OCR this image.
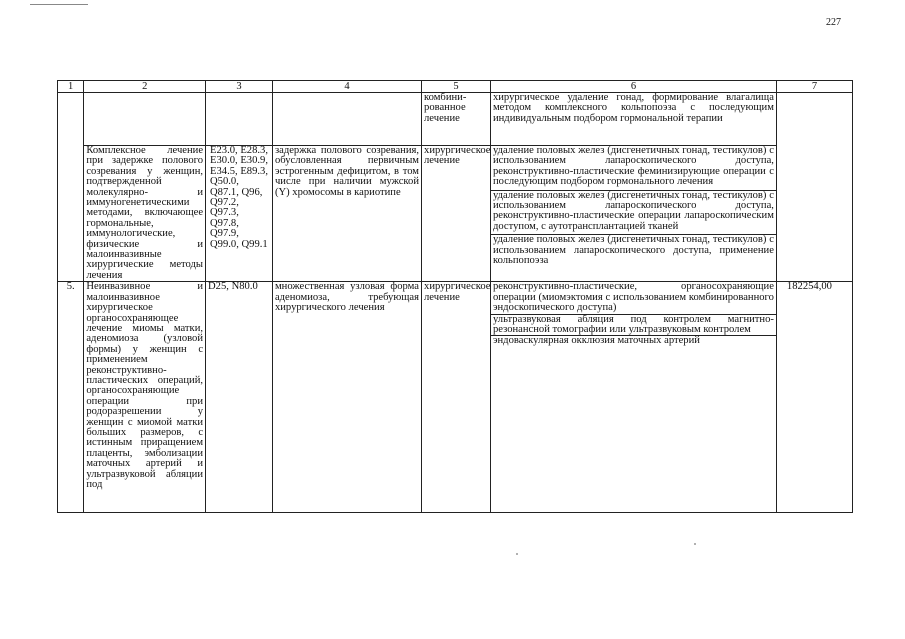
227
1	2	3	4	5	6	7
				комбини-рованное лечение	хирургическое удаление гонад, формирование влагалища методом комплексного кольпопоэза с последующим индивидуальным подбором гормональной терапии	
	Комплексное лечение при задержке полового созревания у женщин, подтвержденной молекулярно- и иммуногенетическими методами, включающее гормональные, иммунологические, физические и малоинвазивные хирургические методы лечения	E23.0, E28.3, E30.0, E30.9, E34.5, E89.3, Q50.0, Q87.1, Q96, Q97.2, Q97.3, Q97.8, Q97.9, Q99.0, Q99.1	задержка полового созревания, обусловленная первичным эстрогенным дефицитом, в том числе при наличии мужской (Y) хромосомы в кариотипе	хирургическое лечение	удаление половых желез (дисгенетичных гонад, тестикулов) с использованием лапароскопического доступа, реконструктивно-пластические феминизирующие операции с последующим подбором гормонального лечения	
					удаление половых желез (дисгенетичных гонад, тестикулов) с использованием лапароскопического доступа, реконструктивно-пластические операции лапароскопическим доступом, с аутотрансплантацией тканей	
					удаление половых желез (дисгенетичных гонад, тестикулов) с использованием лапароскопического доступа, применение кольпопоэза	
5.	Неинвазивное и малоинвазивное хирургическое органосохраняющее лечение миомы матки, аденомиоза (узловой формы) у женщин с применением реконструктивно-пластических операций, органосохраняющие операции при родоразрешении у женщин с миомой матки больших размеров, с истинным приращением плаценты, эмболизации маточных артерий и ультразвуковой абляции под	D25, N80.0	множественная узловая форма аденомиоза, требующая хирургического лечения	хирургическое лечение	реконструктивно-пластические, органосохраняющие операции (миомэктомия с использованием комбинированного эндоскопического доступа)	182254,00
					ультразвуковая абляция под контролем магнитно-резонансной томографии или ультразвуковым контролем	
					эндоваскулярная окклюзия маточных артерий	
